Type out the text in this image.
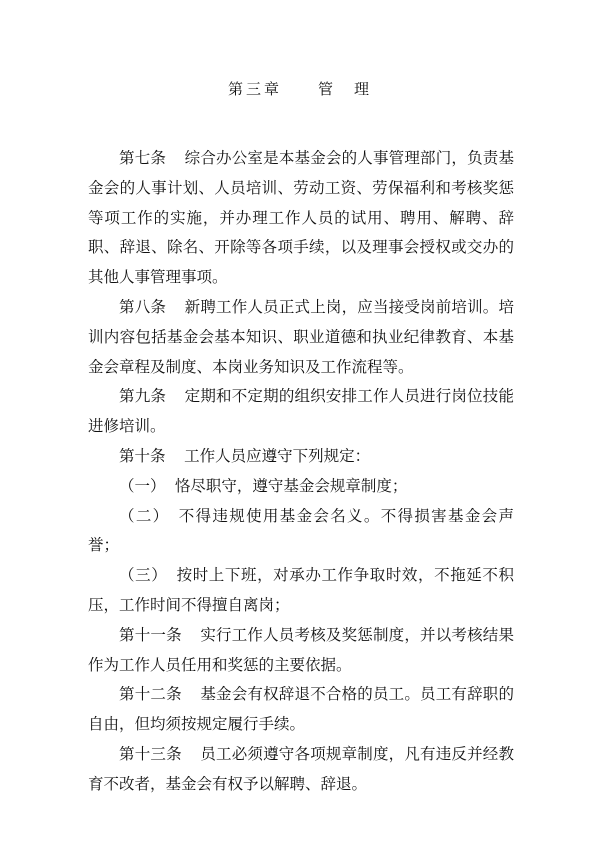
第三章　　管　理

第七条 综合办公室是本基金会的人事管理部门，负责基金会的人事计划、人员培训、劳动工资、劳保福利和考核奖惩等项工作的实施，并办理工作人员的试用、聘用、解聘、辞职、辞退、除名、开除等各项手续，以及理事会授权或交办的其他人事管理事项。

第八条 新聘工作人员正式上岗，应当接受岗前培训。培训内容包括基金会基本知识、职业道德和执业纪律教育、本基金会章程及制度、本岗业务知识及工作流程等。

第九条 定期和不定期的组织安排工作人员进行岗位技能进修培训。

第十条 工作人员应遵守下列规定：

（一） 恪尽职守，遵守基金会规章制度；

（二） 不得违规使用基金会名义。不得损害基金会声誉；

（三） 按时上下班，对承办工作争取时效，不拖延不积压，工作时间不得擅自离岗；

第十一条 实行工作人员考核及奖惩制度，并以考核结果作为工作人员任用和奖惩的主要依据。

第十二条 基金会有权辞退不合格的员工。员工有辞职的自由，但均须按规定履行手续。

第十三条 员工必须遵守各项规章制度，凡有违反并经教育不改者，基金会有权予以解聘、辞退。
